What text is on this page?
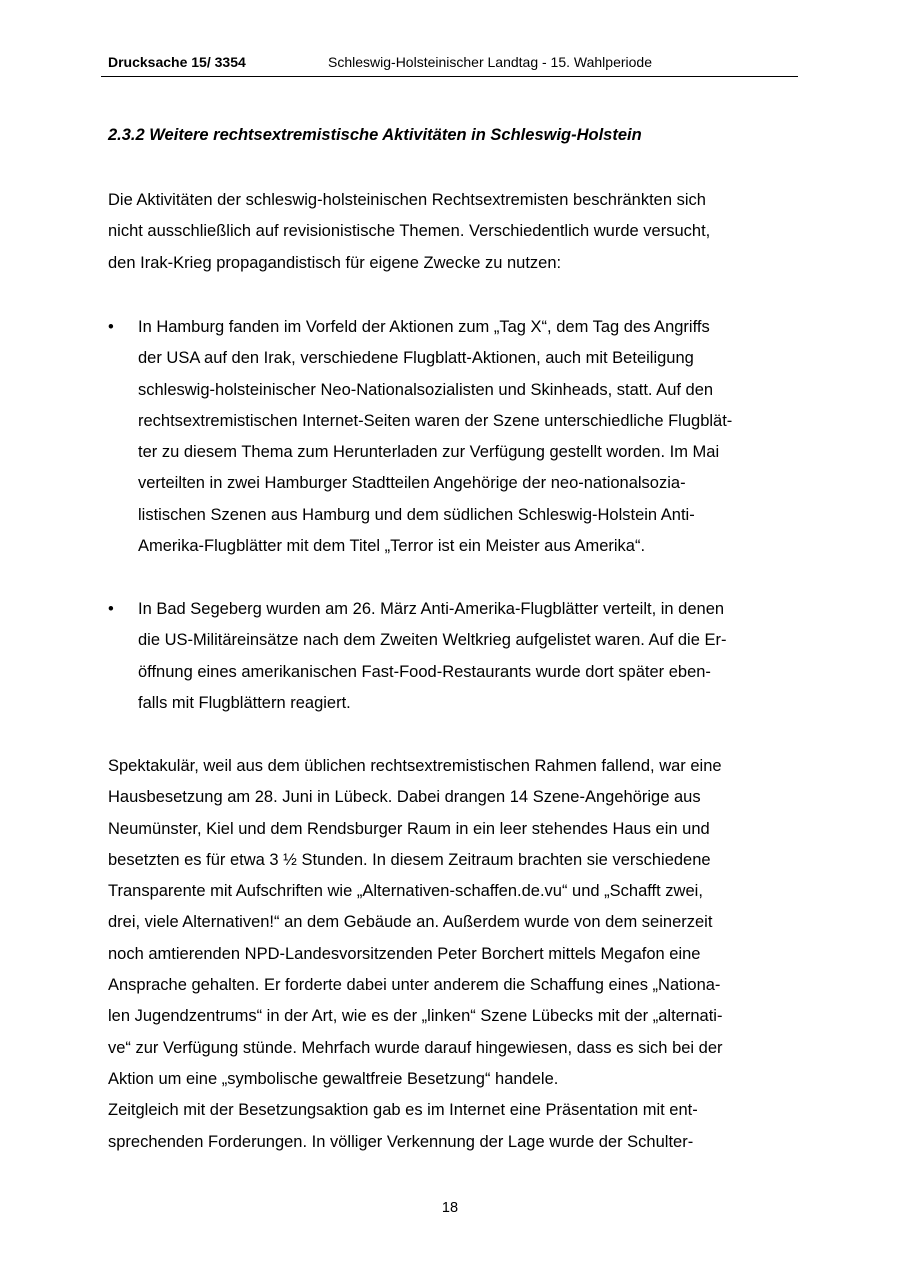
Drucksache 15/ 3354	Schleswig-Holsteinischer Landtag - 15. Wahlperiode
2.3.2 Weitere rechtsextremistische Aktivitäten in Schleswig-Holstein
Die Aktivitäten der schleswig-holsteinischen Rechtsextremisten beschränkten sich
nicht ausschließlich auf revisionistische Themen. Verschiedentlich wurde versucht,
den Irak-Krieg propagandistisch für eigene Zwecke zu nutzen:
• In Hamburg fanden im Vorfeld der Aktionen zum „Tag X“, dem Tag des Angriffs
der USA auf den Irak, verschiedene Flugblatt-Aktionen, auch mit Beteiligung
schleswig-holsteinischer Neo-Nationalsozialisten und Skinheads, statt. Auf den
rechtsextremistischen Internet-Seiten waren der Szene unterschiedliche Flugblät-
ter zu diesem Thema zum Herunterladen zur Verfügung gestellt worden. Im Mai
verteilten in zwei Hamburger Stadtteilen Angehörige der neo-nationalsozia-
listischen Szenen aus Hamburg und dem südlichen Schleswig-Holstein Anti-
Amerika-Flugblätter mit dem Titel „Terror ist ein Meister aus Amerika“.
• In Bad Segeberg wurden am 26. März Anti-Amerika-Flugblätter verteilt, in denen
die US-Militäreinsätze nach dem Zweiten Weltkrieg aufgelistet waren. Auf die Er-
öffnung eines amerikanischen Fast-Food-Restaurants wurde dort später eben-
falls mit Flugblättern reagiert.
Spektakulär, weil aus dem üblichen rechtsextremistischen Rahmen fallend, war eine
Hausbesetzung am 28. Juni in Lübeck. Dabei drangen 14 Szene-Angehörige aus
Neumünster, Kiel und dem Rendsburger Raum in ein leer stehendes Haus ein und
besetzten es für etwa 3 ½ Stunden. In diesem Zeitraum brachten sie verschiedene
Transparente mit Aufschriften wie „Alternativen-schaffen.de.vu“ und „Schafft zwei,
drei, viele Alternativen!“ an dem Gebäude an. Außerdem wurde von dem seinerzeit
noch amtierenden NPD-Landesvorsitzenden Peter Borchert mittels Megafon eine
Ansprache gehalten. Er forderte dabei unter anderem die Schaffung eines „Nationa-
len Jugendzentrums“ in der Art, wie es der „linken“ Szene Lübecks mit der „alternati-
ve“ zur Verfügung stünde. Mehrfach wurde darauf hingewiesen, dass es sich bei der
Aktion um eine „symbolische gewaltfreie Besetzung“ handele.
Zeitgleich mit der Besetzungsaktion gab es im Internet eine Präsentation mit ent-
sprechenden Forderungen. In völliger Verkennung der Lage wurde der Schulter-
18
